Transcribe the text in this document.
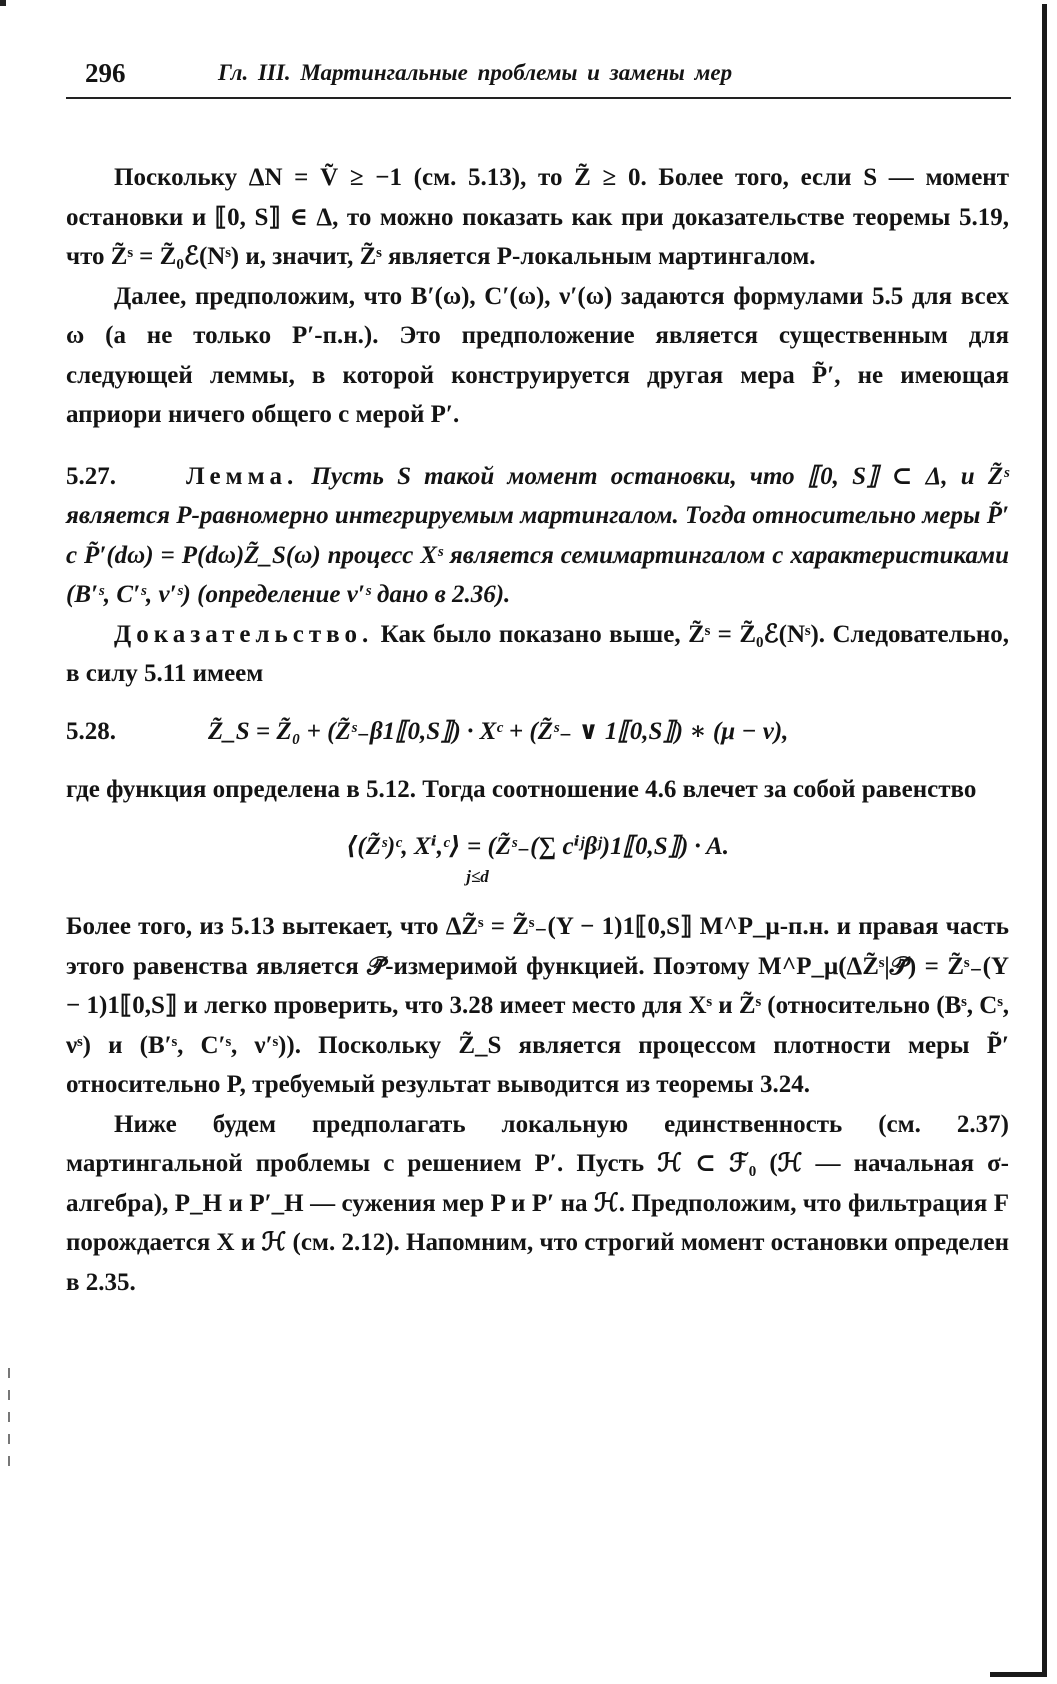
296	Гл. III. Мартингальные проблемы и замены мер

Поскольку ΔN = Ṽ ≥ −1 (см. 5.13), то Z̃ ≥ 0. Более того, если S — момент остановки и ⟦0, S⟧ ∈ Δ, то можно показать как при доказательстве теоремы 5.19, что Z̃ˢ = Z̃₀ℰ(Nˢ) и, значит, Z̃ˢ является P-локальным мартингалом.

Далее, предположим, что B′(ω), C′(ω), ν′(ω) задаются формулами 5.5 для всех ω (а не только P′-п.н.). Это предположение является существенным для следующей леммы, в которой конструируется другая мера P̃′, не имеющая априори ничего общего с мерой P′.

5.27.	Лемма. Пусть S такой момент остановки, что ⟦0, S⟧ ⊂ Δ, и Z̃ˢ является P-равномерно интегрируемым мартингалом. Тогда относительно меры P̃′ с P̃′(dω) = P(dω)Z̃_S(ω) процесс Xˢ является семимартингалом с характеристиками (B′ˢ, C′ˢ, ν′ˢ) (определение ν′ˢ дано в 2.36).

Доказательство. Как было показано выше, Z̃ˢ = Z̃₀ℰ(Nˢ). Следовательно, в силу 5.11 имеем

5.28.	Z̃_S = Z̃₀ + (Z̃ˢ₋β1⟦0,S⟧) · Xᶜ + (Z̃ˢ₋ ∨ 1⟦0,S⟧) ∗ (μ − ν),

где функция определена в 5.12. Тогда соотношение 4.6 влечет за собой равенство

⟨(Z̃ˢ)ᶜ, Xⁱ,ᶜ⟩ = (Z̃ˢ₋(∑ cⁱʲβʲ)1⟦0,S⟧) · A.
j≤d

Более того, из 5.13 вытекает, что ΔZ̃ˢ = Z̃ˢ₋(Y − 1)1⟦0,S⟧ M^P_μ-п.н. и правая часть этого равенства является 𝒫̃-измеримой функцией. Поэтому M^P_μ(ΔZ̃ˢ|𝒫̃) = Z̃ˢ₋(Y − 1)1⟦0,S⟧ и легко проверить, что 3.28 имеет место для Xˢ и Z̃ˢ (относительно (Bˢ, Cˢ, νˢ) и (B′ˢ, C′ˢ, ν′ˢ)). Поскольку Z̃_S является процессом плотности меры P̃′ относительно P, требуемый результат выводится из теоремы 3.24.

Ниже будем предполагать локальную единственность (см. 2.37) мартингальной проблемы с решением P′. Пусть ℋ ⊂ ℱ₀ (ℋ — начальная σ-алгебра), P_H и P′_H — сужения мер P и P′ на ℋ. Предположим, что фильтрация F порождается X и ℋ (см. 2.12). Напомним, что строгий момент остановки определен в 2.35.
